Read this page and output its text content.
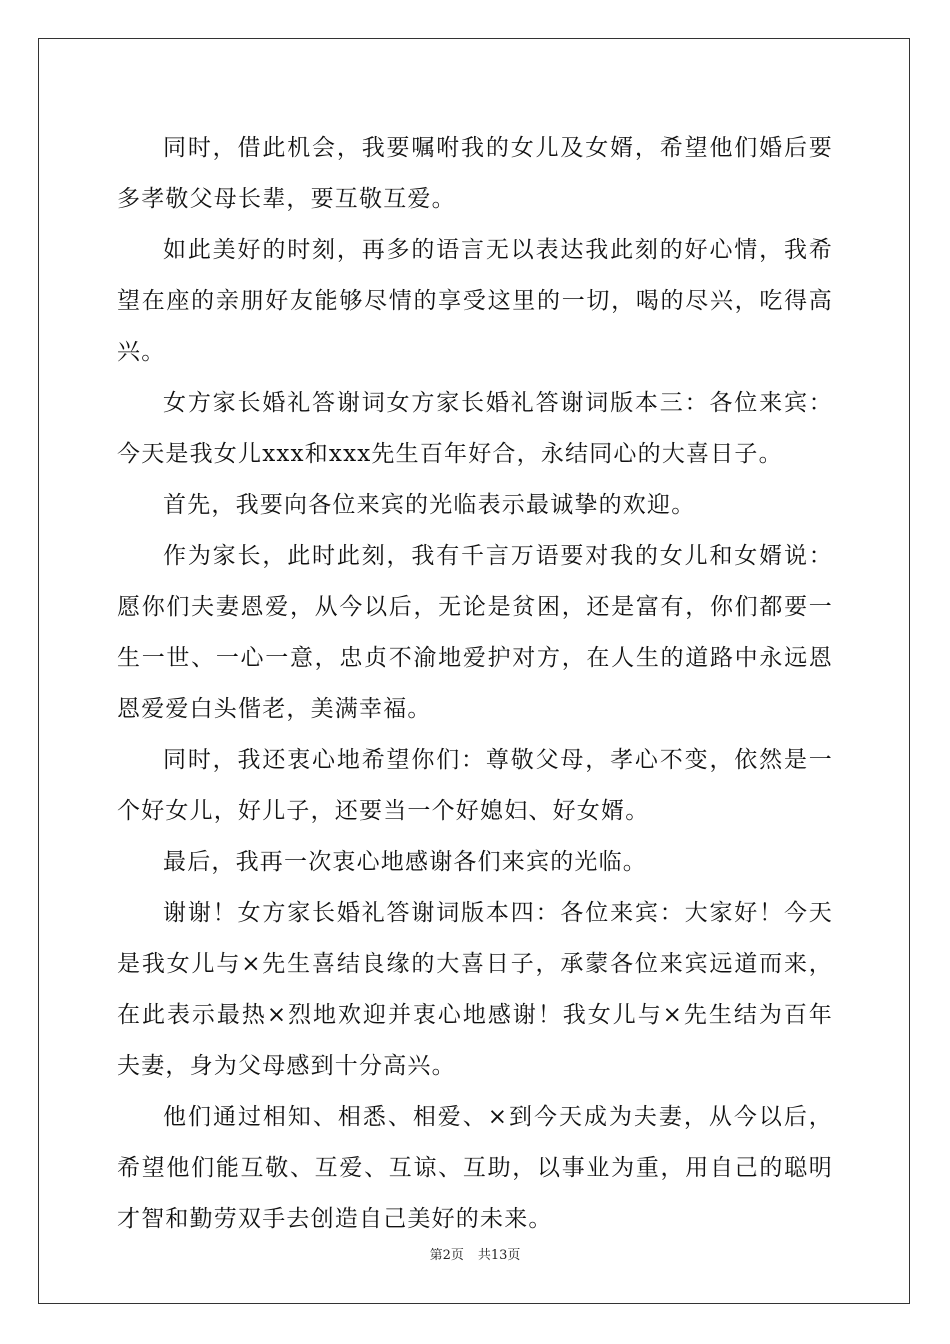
同时，借此机会，我要嘱咐我的女儿及女婿，希望他们婚后要多孝敬父母长辈，要互敬互爱。

如此美好的时刻，再多的语言无以表达我此刻的好心情，我希望在座的亲朋好友能够尽情的享受这里的一切，喝的尽兴，吃得高兴。

女方家长婚礼答谢词女方家长婚礼答谢词版本三：各位来宾：今天是我女儿xxx和xxx先生百年好合，永结同心的大喜日子。

首先，我要向各位来宾的光临表示最诚挚的欢迎。

作为家长，此时此刻，我有千言万语要对我的女儿和女婿说：愿你们夫妻恩爱，从今以后，无论是贫困，还是富有，你们都要一生一世、一心一意，忠贞不渝地爱护对方，在人生的道路中永远恩恩爱爱白头偕老，美满幸福。

同时，我还衷心地希望你们：尊敬父母，孝心不变，依然是一个好女儿，好儿子，还要当一个好媳妇、好女婿。

最后，我再一次衷心地感谢各们来宾的光临。

谢谢！女方家长婚礼答谢词版本四：各位来宾：大家好！今天是我女儿与×先生喜结良缘的大喜日子，承蒙各位来宾远道而来，在此表示最热×烈地欢迎并衷心地感谢！我女儿与×先生结为百年夫妻，身为父母感到十分高兴。

他们通过相知、相悉、相爱、×到今天成为夫妻，从今以后，希望他们能互敬、互爱、互谅、互助，以事业为重，用自己的聪明才智和勤劳双手去创造自己美好的未来。

第2页 共13页
